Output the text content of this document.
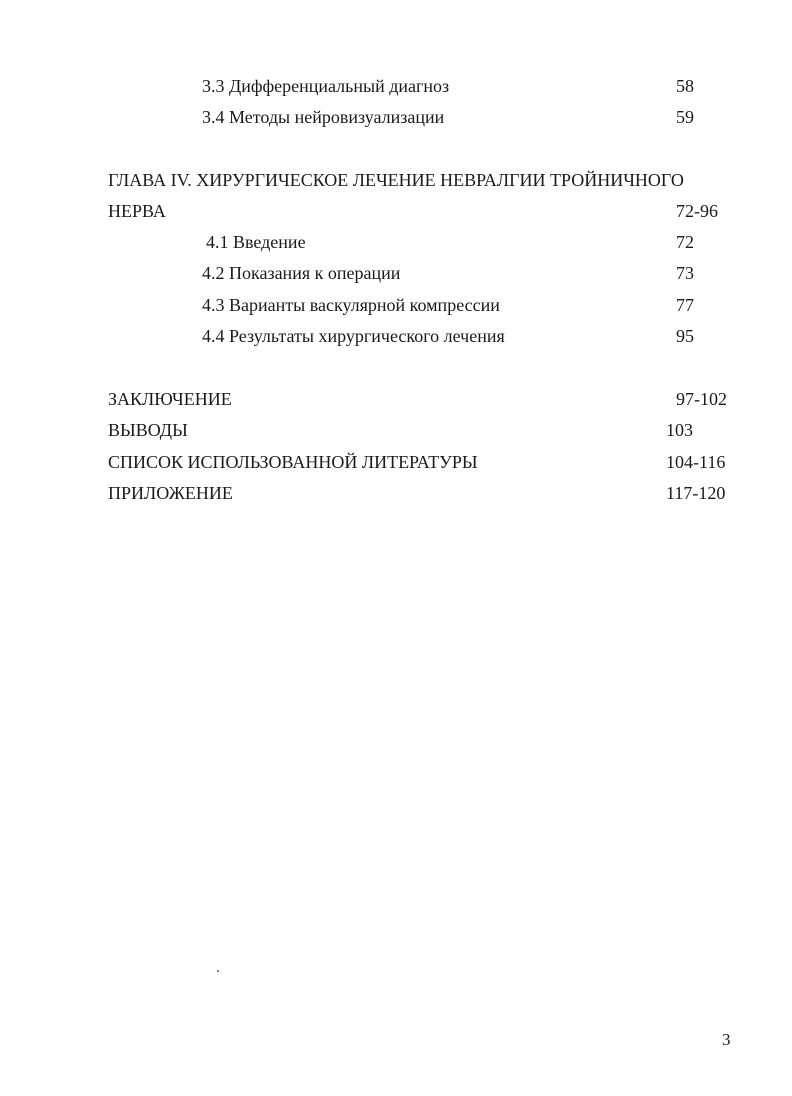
3.3 Дифференциальный диагноз	58
3.4 Методы нейровизуализации	59
ГЛАВА IV. ХИРУРГИЧЕСКОЕ ЛЕЧЕНИЕ НЕВРАЛГИИ ТРОЙНИЧНОГО
НЕРВА	72-96
4.1 Введение	72
4.2 Показания к операции	73
4.3 Варианты васкулярной компрессии	77
4.4 Результаты хирургического лечения	95
ЗАКЛЮЧЕНИЕ	97-102
ВЫВОДЫ	103
СПИСОК ИСПОЛЬЗОВАННОЙ ЛИТЕРАТУРЫ	104-116
ПРИЛОЖЕНИЕ	117-120
3
